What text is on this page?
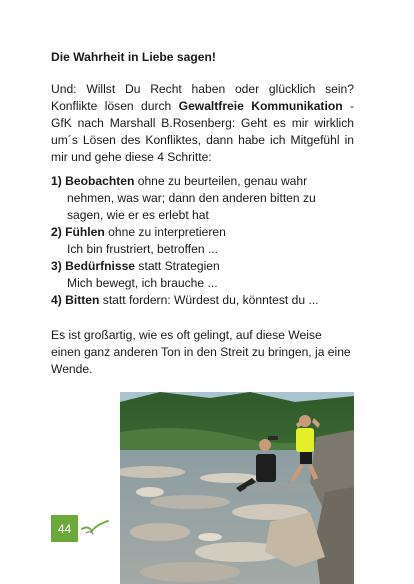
Die Wahrheit in Liebe sagen!
Und: Willst Du Recht haben oder glücklich sein? Konflikte lösen durch Gewaltfreie Kommunikation - GfK nach Marshall B.Rosenberg: Geht es mir wirklich um´s Lösen des Konfliktes, dann habe ich Mitgefühl in mir und gehe diese 4 Schritte:
1) Beobachten ohne zu beurteilen, genau wahr
nehmen, was war; dann den anderen bitten zu
sagen, wie er es erlebt hat
2) Fühlen ohne zu interpretieren
Ich bin frustriert, betroffen ...
3) Bedürfnisse statt Strategien
Mich bewegt, ich brauche ...
4) Bitten statt fordern: Würdest du, könntest du ...
Es ist großartig, wie es oft gelingt, auf diese Weise einen ganz anderen Ton in den Streit zu bringen, ja eine Wende.
44
